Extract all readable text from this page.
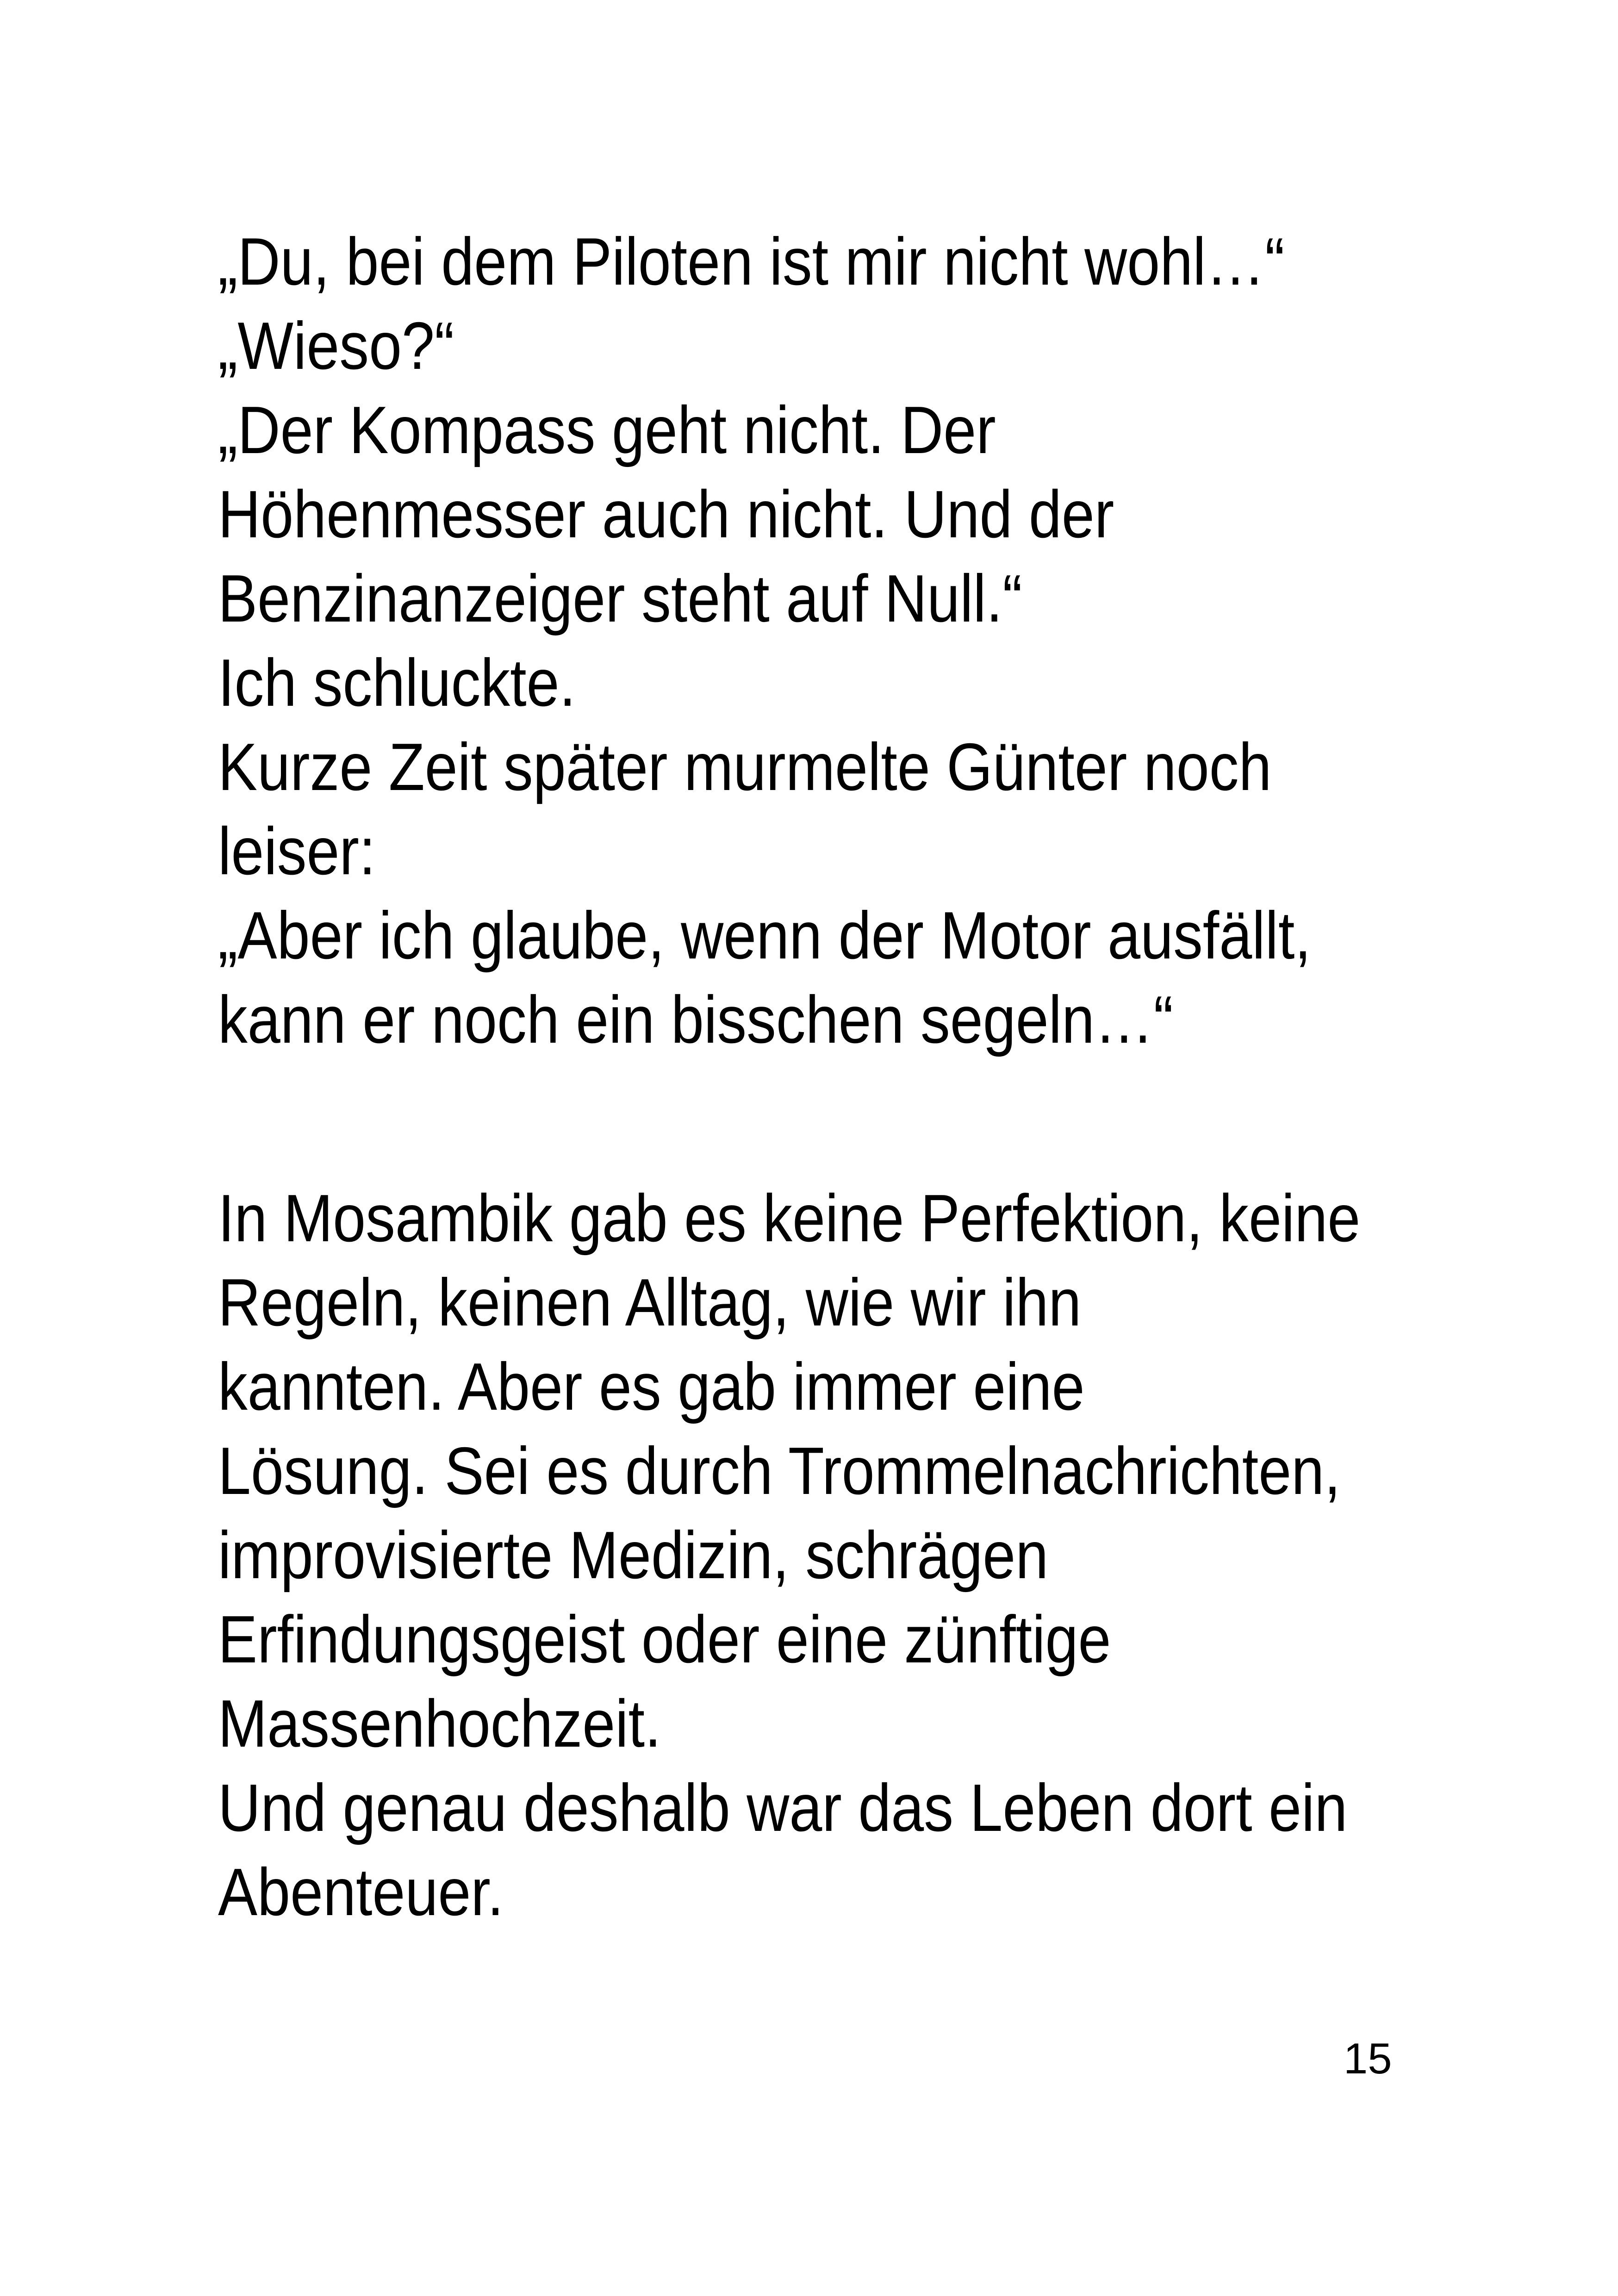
„Du, bei dem Piloten ist mir nicht wohl…“
„Wieso?“
„Der Kompass geht nicht. Der
Höhenmesser auch nicht. Und der
Benzinanzeiger steht auf Null.“
Ich schluckte.
Kurze Zeit später murmelte Günter noch
leiser:
„Aber ich glaube, wenn der Motor ausfällt,
kann er noch ein bisschen segeln…“
In Mosambik gab es keine Perfektion, keine
Regeln, keinen Alltag, wie wir ihn
kannten. Aber es gab immer eine
Lösung. Sei es durch Trommelnachrichten,
improvisierte Medizin, schrägen
Erfindungsgeist oder eine zünftige
Massenhochzeit.
Und genau deshalb war das Leben dort ein
Abenteuer.
15
